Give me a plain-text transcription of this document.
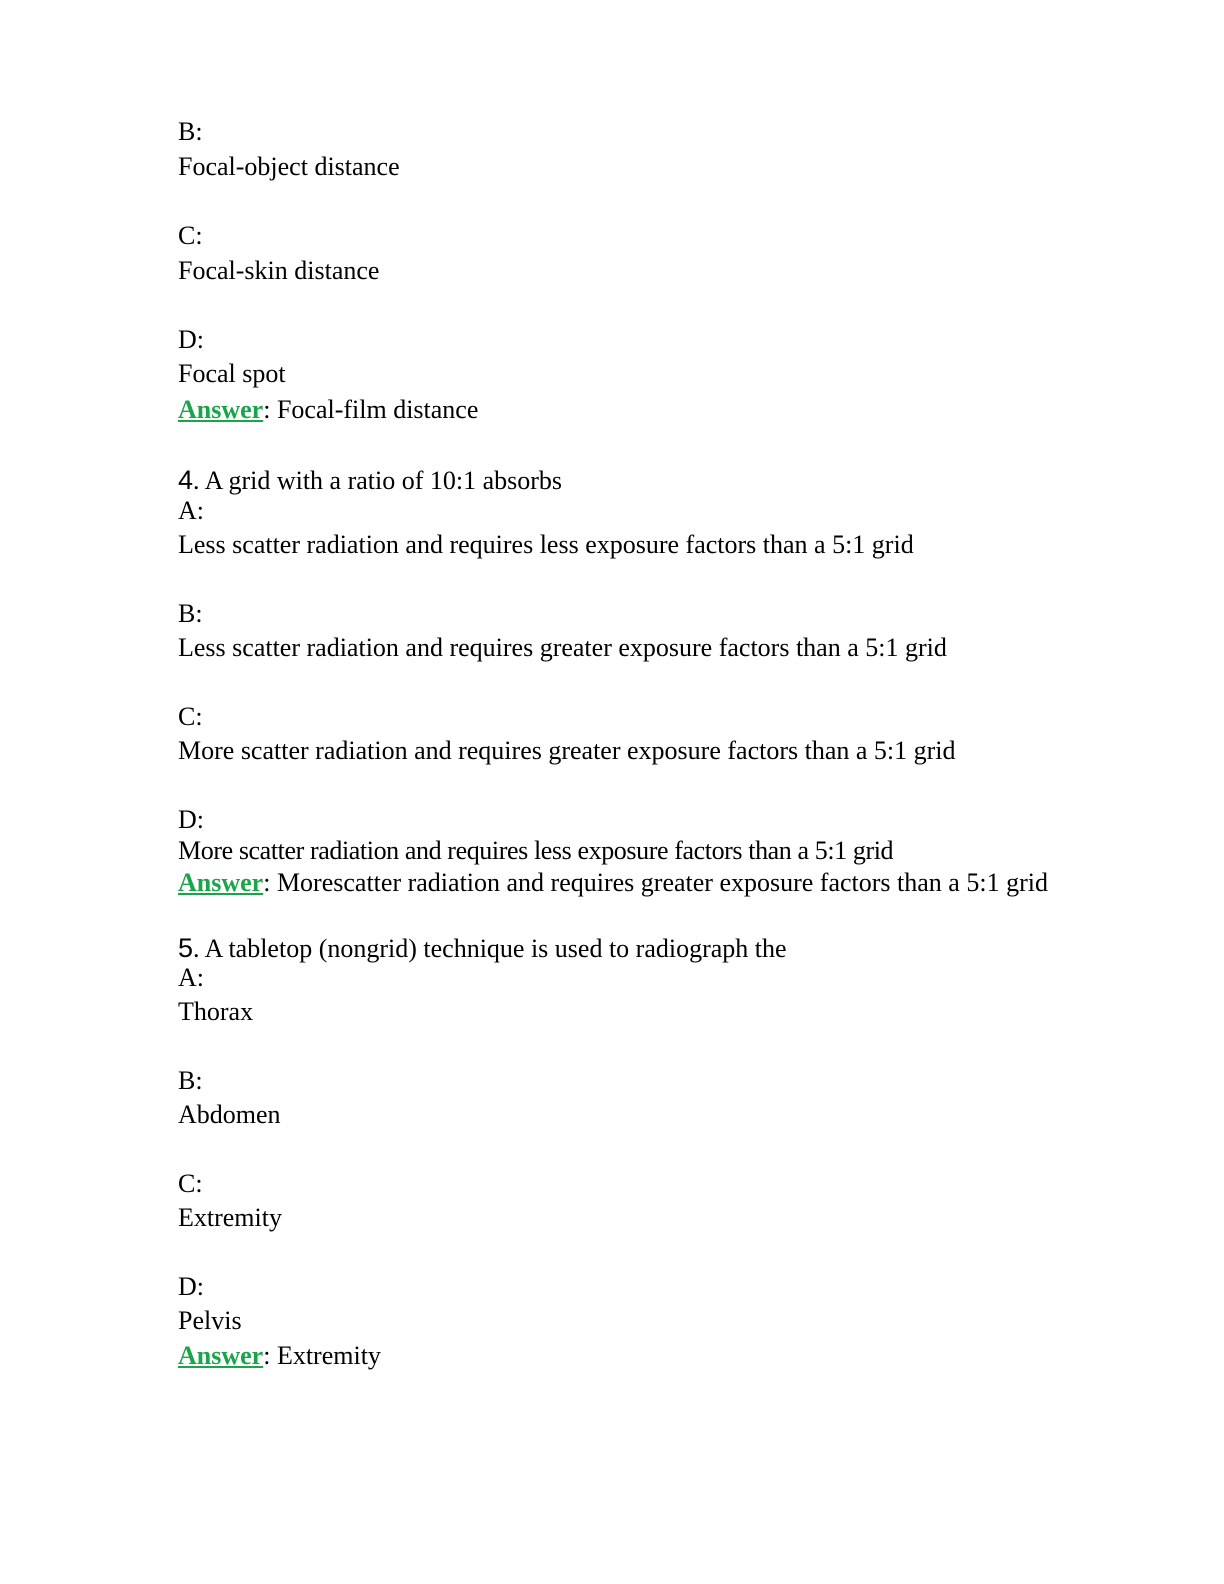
B:
Focal-object distance
C:
Focal-skin distance
D:
Focal spot
Answer: Focal-film distance
4. A grid with a ratio of 10:1 absorbs
A:
Less scatter radiation and requires less exposure factors than a 5:1 grid
B:
Less scatter radiation and requires greater exposure factors than a 5:1 grid
C:
More scatter radiation and requires greater exposure factors than a 5:1 grid
D:
More scatter radiation and requires less exposure factors than a 5:1 grid
Answer: Morescatter radiation and requires greater exposure factors than a 5:1 grid
5. A tabletop (nongrid) technique is used to radiograph the
A:
Thorax
B:
Abdomen
C:
Extremity
D:
Pelvis
Answer: Extremity
